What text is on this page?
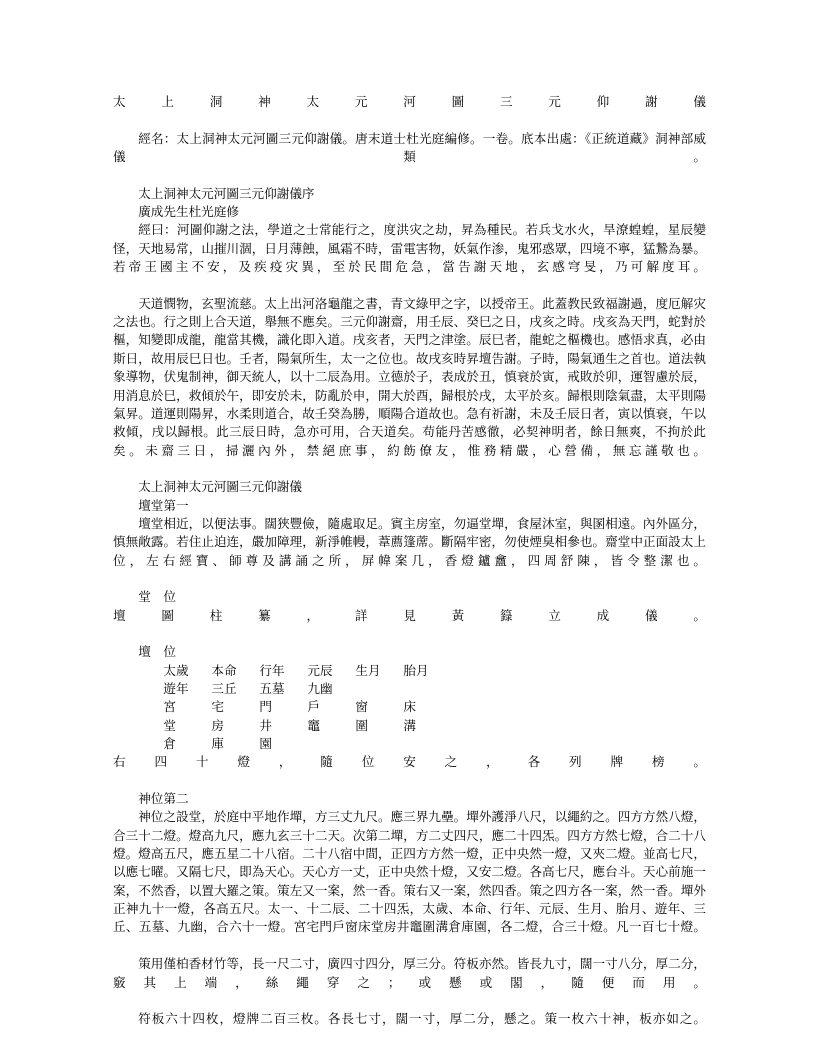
太上洞神太元河圖三元仰謝儀

經名：太上洞神太元河圖三元仰謝儀。唐末道士杜光庭編修。一卷。底本出處：《正統道藏》洞神部威儀類。

太上洞神太元河圖三元仰謝儀序

廣成先生杜光庭修

經曰：河圖仰謝之法，學道之士常能行之，度洪灾之劫，昇為種民。若兵戈水火，旱潦蝗蝗，星辰變怪，天地易常，山摧川涸，日月薄蝕，風霜不時，雷電害物，妖氣作渗，鬼邪惑眾，四境不寧，猛鷙為暴。若帝王國主不安，及疾疫灾異，至於民間危急，當告謝天地，玄感穹旻，乃可解度耳。

天道憫物，玄聖流慈。太上出河洛龜龍之書，青文綠甲之字，以授帝王。此蓋教民致福謝過，度厄解灾之法也。行之則上合天道，舉無不應矣。三元仰謝齋，用壬辰、癸巳之日，戌亥之時。戌亥為天門，蛇對於樞，知變即成龍，龍當其機，識化即入道。戌亥者，天門之津塗。辰巳者，龍蛇之樞機也。感悟求真，必由斯日，故用辰巳日也。壬者，陽氣所生，太一之位也。故戌亥時昇壇告謝。子時，陽氣通生之首也。道法執象導物，伏鬼制神，御天統人，以十二辰為用。立德於子，表成於丑，慎衰於寅，戒敗於卯，運智慮於辰，用消息於巳，救傾於午，即安於未，防亂於申，開大於酉，歸根於戌，太平於亥。歸根則陰氣盡，太平則陽氣昇。道運則陽昇，水柔則道合，故壬癸為勝，順陽合道故也。急有祈謝，未及壬辰日者，寅以慎衰，午以救傾，戌以歸根。此三辰日時，急亦可用，合天道矣。苟能丹苦感徹，必契神明者，餘日無爽，不拘於此矣。未齋三日，掃灑內外，禁絕庶事，約飭僚友，惟務精嚴，心營備，無忘謹敬也。

太上洞神太元河圖三元仰謝儀

壇堂第一

壇堂相近，以便法事。闊狹豐儉，隨處取足。賓主房室，勿逼堂墠，食屋沐室，與圂相遠。內外區分，慎無敞露。若住止迫连，嚴加障理，新淨帷幔，葦薦篷蓆。斷隔牢密，勿使煙臭相參也。齋堂中正面設太上位，左右經寶、師尊及講誦之所，屏幃案几，香燈鑪盫，四周舒陳，皆令整潔也。

堂　位

壇圖柱纂，詳見黃籙立成儀。

壇　位

太歲 本命 行年 元辰 生月 胎月

遊年 三丘 五墓 九幽

宮	宅	門	戶	窗	床

堂	房	井	竈	圍	溝

倉	庫	園

右四十燈，隨位安之，各列牌榜。

神位第二

神位之設堂，於庭中平地作墠，方三丈九尺。應三界九壘。墠外護淨八尺，以繩約之。四方方然八燈，合三十二燈。燈高九尺，應九玄三十二天。次第二墠，方二丈四尺，應二十四炁。四方方然七燈，合二十八燈。燈高五尺，應五星二十八宿。二十八宿中間，正四方方然一燈，正中央然一燈，又夾二燈。並高七尺，以應七曜。又隔七尺，即為天心。天心方一丈，正中央然十燈，又安二燈。各高七尺，應台斗。天心前施一案，不然香，以置大羅之策。策左又一案，然一香。策右又一案，然四香。策之四方各一案，然一香。墠外正神九十一燈，各高五尺。太一、十二辰、二十四炁，太歲、本命、行年、元辰、生月、胎月、遊年、三丘、五墓、九幽，合六十一燈。宮宅門戶窗床堂房井竈圍溝倉庫園，各二燈，合三十燈。凡一百七十燈。

策用僅柏香材竹等，長一尺二寸，廣四寸四分，厚三分。符板亦然。皆長九寸，闊一寸八分，厚二分，竅其上端，絲繩穿之；或懸或閣，隨便而用。

符板六十四枚，燈牌二百三枚。各長七寸，闊一寸，厚二分，懸之。策一枚六十神，板亦如之。
